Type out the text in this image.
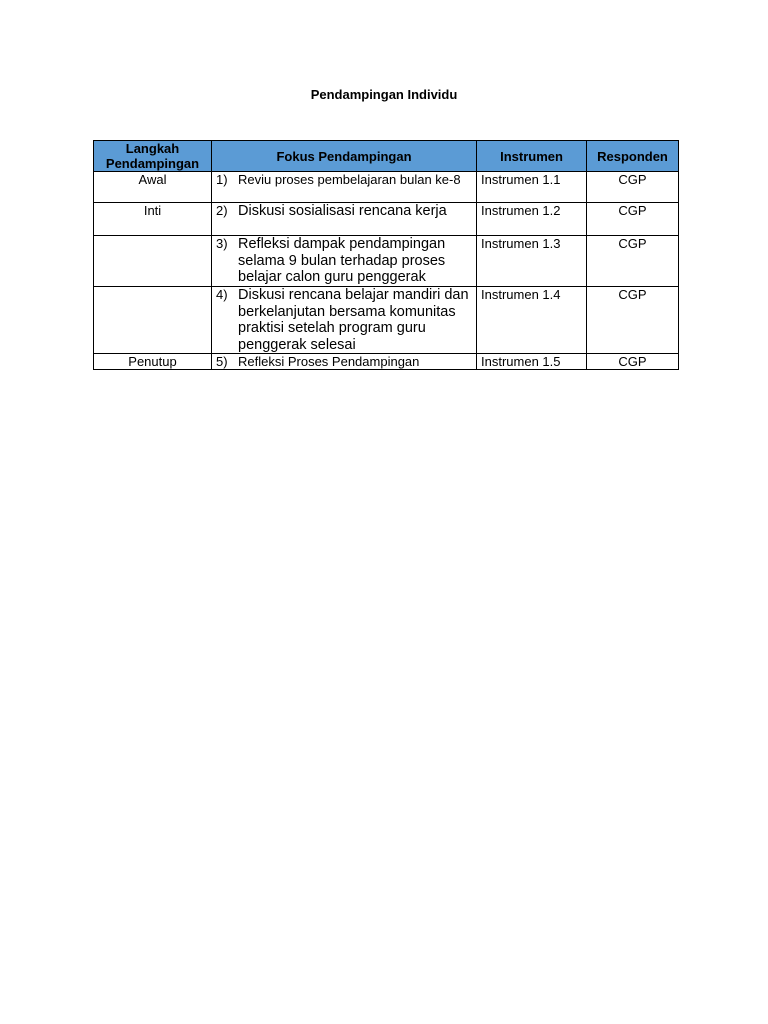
Pendampingan Individu
Langkah Pendampingan	Fokus Pendampingan	Instrumen	Responden
Awal	1) Reviu proses pembelajaran bulan ke-8	Instrumen 1.1	CGP
Inti	2) Diskusi sosialisasi rencana kerja	Instrumen 1.2	CGP

	3) Refleksi dampak pendampingan selama 9 bulan terhadap proses belajar calon guru penggerak	Instrumen 1.3	CGP

	4) Diskusi rencana belajar mandiri dan berkelanjutan bersama komunitas praktisi setelah program guru penggerak selesai	Instrumen 1.4	CGP
Penutup	5) Refleksi Proses Pendampingan	Instrumen 1.5	CGP
